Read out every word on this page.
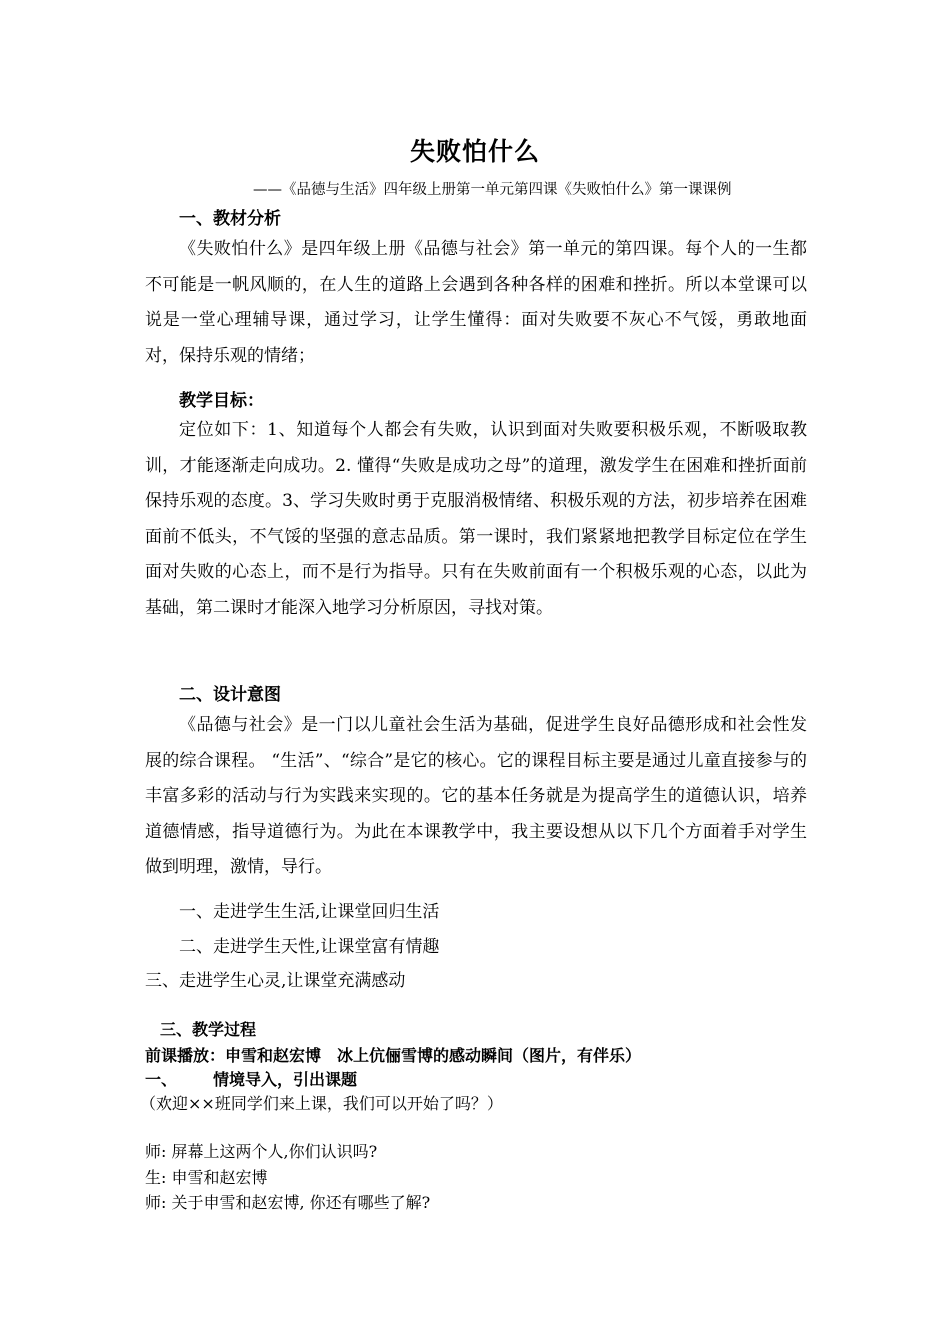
失败怕什么
——《品德与生活》四年级上册第一单元第四课《失败怕什么》第一课课例
一、教材分析

《失败怕什么》是四年级上册《品德与社会》第一单元的第四课。每个人的一生都不可能是一帆风顺的，在人生的道路上会遇到各种各样的困难和挫折。所以本堂课可以说是一堂心理辅导课，通过学习，让学生懂得：面对失败要不灰心不气馁，勇敢地面对，保持乐观的情绪；

教学目标：

定位如下：1、知道每个人都会有失败，认识到面对失败要积极乐观，不断吸取教训，才能逐渐走向成功。2. 懂得“失败是成功之母”的道理，激发学生在困难和挫折面前保持乐观的态度。3、学习失败时勇于克服消极情绪、积极乐观的方法，初步培养在困难面前不低头，不气馁的坚强的意志品质。第一课时，我们紧紧地把教学目标定位在学生面对失败的心态上，而不是行为指导。只有在失败前面有一个积极乐观的心态，以此为基础，第二课时才能深入地学习分析原因，寻找对策。

二、设计意图

《品德与社会》是一门以儿童社会生活为基础，促进学生良好品德形成和社会性发展的综合课程。 “生活”、“综合”是它的核心。它的课程目标主要是通过儿童直接参与的丰富多彩的活动与行为实践来实现的。它的基本任务就是为提高学生的道德认识，培养道德情感，指导道德行为。为此在本课教学中，我主要设想从以下几个方面着手对学生做到明理，激情，导行。

一、走进学生生活,让课堂回归生活
二、走进学生天性,让课堂富有情趣
三、走进学生心灵,让课堂充满感动
三、教学过程
前课播放：申雪和赵宏博　冰上伉俪雪博的感动瞬间（图片，有伴乐）
一、 情境导入，引出课题
（欢迎××班同学们来上课，我们可以开始了吗？）
师: 屏幕上这两个人,你们认识吗?
生: 申雪和赵宏博
师: 关于申雪和赵宏博, 你还有哪些了解?
